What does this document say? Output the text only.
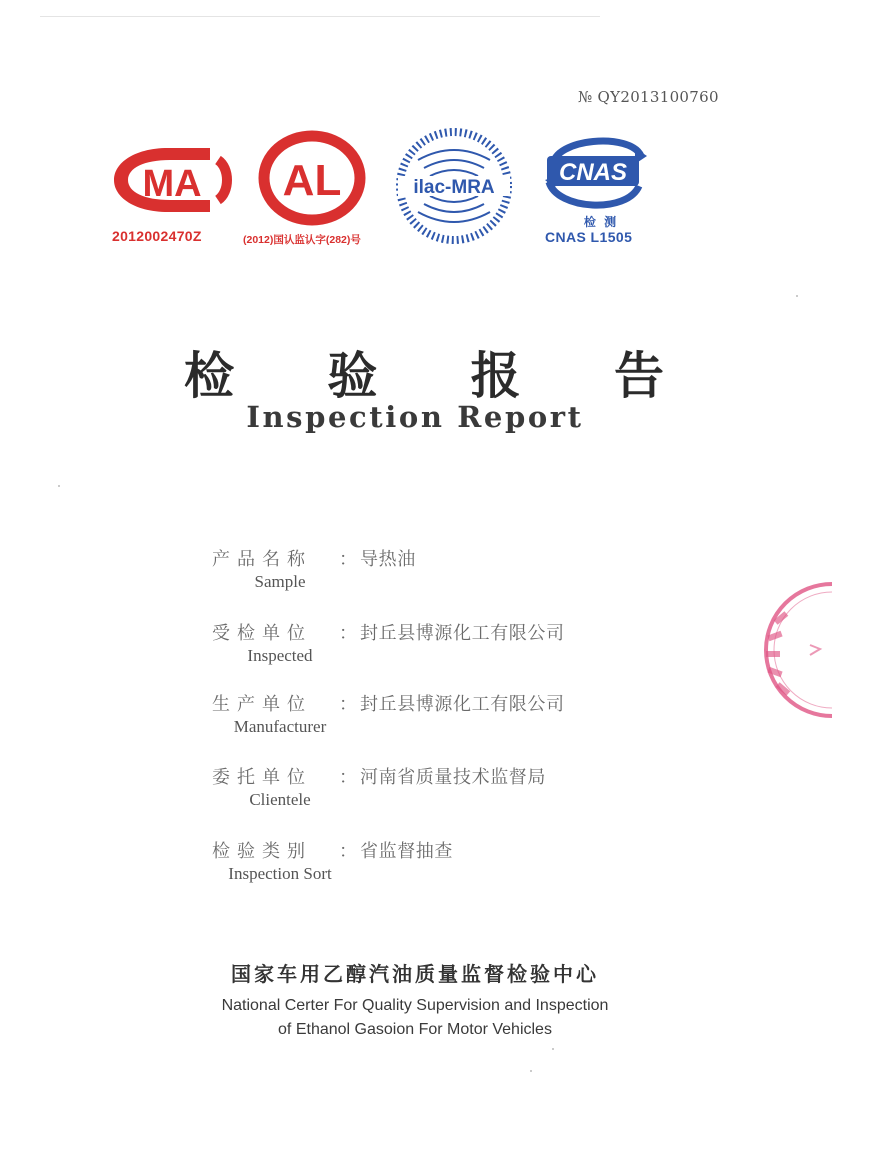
№ QY2013100760
MA
2012002470Z
AL
(2012)国认监认字(282)号
ilac-MRA
CNAS
检 测
CNAS L1505
检 验 报 告
Inspection Report
产品名称 ： 导热油
Sample
受检单位 ： 封丘县博源化工有限公司
Inspected
生产单位 ： 封丘县博源化工有限公司
Manufacturer
委托单位 ： 河南省质量技术监督局
Clientele
检验类别 ： 省监督抽查
Inspection Sort
国家车用乙醇汽油质量监督检验中心
National Certer For Quality Supervision and Inspection
of Ethanol Gasoion For Motor Vehicles
